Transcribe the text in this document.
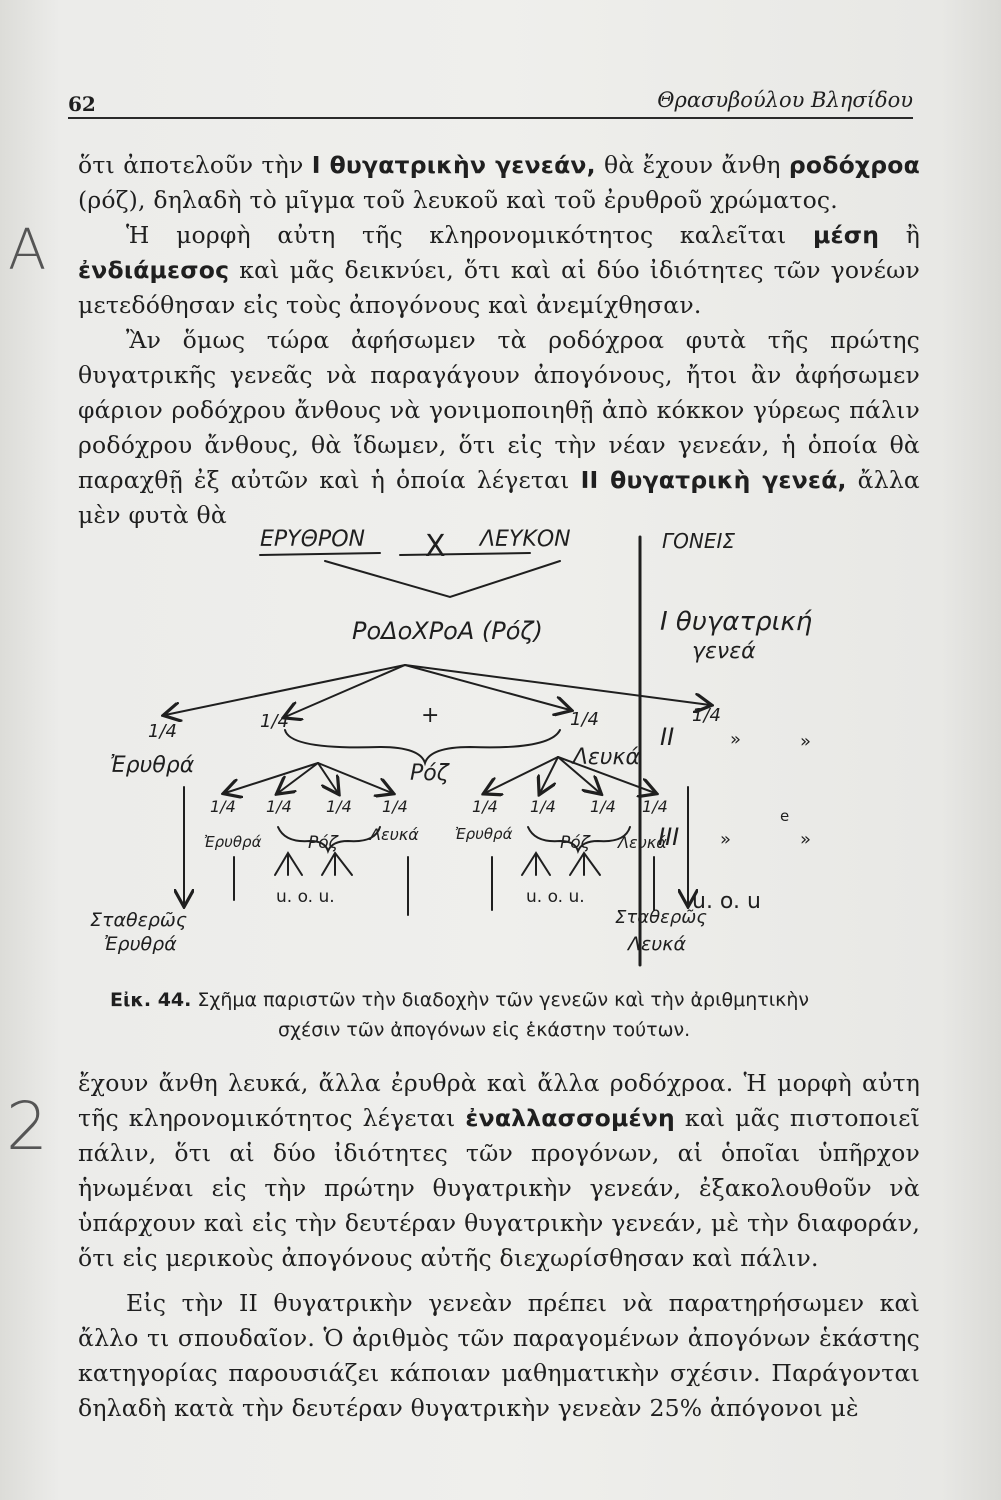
62	Θρασυβούλου Βλησίδου
A
2
ὅτι ἀποτελοῦν τὴν Ι θυγατρικὴν γενεάν, θὰ ἔχουν ἄνθη ροδόχροα (ρόζ), δηλαδὴ τὸ μῖγμα τοῦ λευκοῦ καὶ τοῦ ἐρυθροῦ χρώματος.
Ἡ μορφὴ αὐτη τῆς κληρονομικότητος καλεῖται μέση ἢ ἐνδιάμεσος καὶ μᾶς δεικνύει, ὅτι καὶ αἱ δύο ἰδιότητες τῶν γονέων μετεδόθησαν εἰς τοὺς ἀπογόνους καὶ ἀνεμίχθησαν.
Ἂν ὅμως τώρα ἀφήσωμεν τὰ ροδόχροα φυτὰ τῆς πρώτης θυγατρικῆς γενεᾶς νὰ παραγάγουν ἀπογόνους, ἤτοι ἂν ἀφήσωμεν φάριον ροδόχρου ἄνθους νὰ γονιμοποιηθῇ ἀπὸ κόκκον γύρεως πάλιν ροδόχρου ἄνθους, θὰ ἴδωμεν, ὅτι εἰς τὴν νέαν γενεάν, ἡ ὁποία θὰ παραχθῇ ἐξ αὐτῶν καὶ ἡ ὁποία λέγεται ΙΙ θυγατρικὴ γενεά, ἄλλα μὲν φυτὰ θὰ
ΕΡΥΘΡΟΝ Χ ΛΕΥΚΟΝ
ΡοΔοΧΡοΑ (Ρόζ)
+
1/4	1/4	1/4	1/4
Ἐρυθρά	Ρόζ
Λευκά
1/4 1/4 1/4 1/4	1/4 1/4 1/4 1/4
Ἐρυθρά	Ρόζ Λευκά Ἐρυθρά	Ρόζ Λευκά
u. o. u.	u. o. u.
Σταθερῶς
Ἐρυθρά
Σταθερῶς
Λευκά
ΓΟΝΕΙΣ
Ι θυγατρική
γενεά
ΙΙ	»	»
ΙΙΙ »	»
e
u. o. u
Εἰκ. 44. Σχῆμα παριστῶν τὴν διαδοχὴν τῶν γενεῶν καὶ τὴν ἀριθμητικὴν
σχέσιν τῶν ἀπογόνων εἰς ἑκάστην τούτων.
ἔχουν ἄνθη λευκά, ἄλλα ἐρυθρὰ καὶ ἄλλα ροδόχροα. Ἡ μορφὴ αὐτη τῆς κληρονομικότητος λέγεται ἐναλλασσομένη καὶ μᾶς πιστοποιεῖ πάλιν, ὅτι αἱ δύο ἰδιότητες τῶν προγόνων, αἱ ὁποῖαι ὑπῆρχον ἡνωμέναι εἰς τὴν πρώτην θυγατρικὴν γενεάν, ἐξακολουθοῦν νὰ ὑπάρχουν καὶ εἰς τὴν δευτέραν θυγατρικὴν γενεάν, μὲ τὴν διαφοράν, ὅτι εἰς μερικοὺς ἀπογόνους αὐτῆς διεχωρίσθησαν καὶ πάλιν.
Εἰς τὴν ΙΙ θυγατρικὴν γενεὰν πρέπει νὰ παρατηρήσωμεν καὶ ἄλλο τι σπουδαῖον. Ὁ ἀριθμὸς τῶν παραγομένων ἀπογόνων ἑκάστης κατηγορίας παρουσιάζει κάποιαν μαθηματικὴν σχέσιν. Παράγονται δηλαδὴ κατὰ τὴν δευτέραν θυγατρικὴν γενεὰν 25% ἀπόγονοι μὲ
